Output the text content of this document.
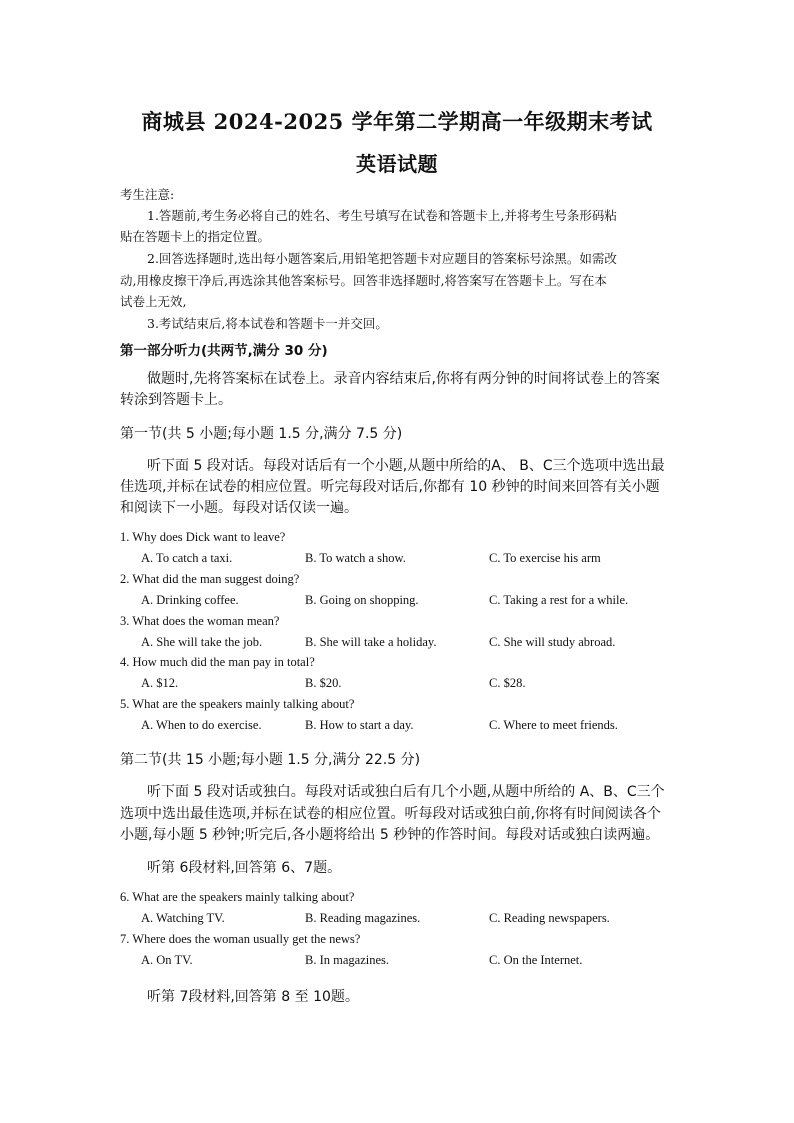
商城县 2024-2025 学年第二学期高一年级期末考试
英语试题
考生注意:
1.答题前,考生务必将自己的姓名、考生号填写在试卷和答题卡上,并将考生号条形码粘
贴在答题卡上的指定位置。
2.回答选择题时,选出每小题答案后,用铅笔把答题卡对应题目的答案标号涂黑。如需改
动,用橡皮擦干净后,再选涂其他答案标号。回答非选择题时,将答案写在答题卡上。写在本
试卷上无效,
3.考试结束后,将本试卷和答题卡一并交回。
第一部分听力(共两节,满分 30 分)
做题时,先将答案标在试卷上。录音内容结束后,你将有两分钟的时间将试卷上的答案
转涂到答题卡上。
第一节(共 5 小题;每小题 1.5 分,满分 7.5 分)
听下面 5 段对话。每段对话后有一个小题,从题中所给的A、 B、C三个选项中选出最
佳选项,并标在试卷的相应位置。听完每段对话后,你都有 10 秒钟的时间来回答有关小题
和阅读下一小题。每段对话仅读一遍。
1. Why does Dick want to leave?
A. To catch a taxi.	B. To watch a show.	C. To exercise his arm
2. What did the man suggest doing?
A. Drinking coffee.	B. Going on shopping.	C. Taking a rest for a while.
3. What does the woman mean?
A. She will take the job.	B. She will take a holiday.	C. She will study abroad.
4. How much did the man pay in total?
A. $12.	B. $20.	C. $28.
5. What are the speakers mainly talking about?
A. When to do exercise.	B. How to start a day.	C. Where to meet friends.
第二节(共 15 小题;每小题 1.5 分,满分 22.5 分)
听下面 5 段对话或独白。每段对话或独白后有几个小题,从题中所给的 A、B、C三个
选项中选出最佳选项,并标在试卷的相应位置。听每段对话或独白前,你将有时间阅读各个
小题,每小题 5 秒钟;听完后,各小题将给出 5 秒钟的作答时间。每段对话或独白读两遍。
听第 6段材料,回答第 6、7题。
6. What are the speakers mainly talking about?
A. Watching TV.	B. Reading magazines.	C. Reading newspapers.
7. Where does the woman usually get the news?
A. On TV.	B. In magazines.	C. On the Internet.
听第 7段材料,回答第 8 至 10题。
